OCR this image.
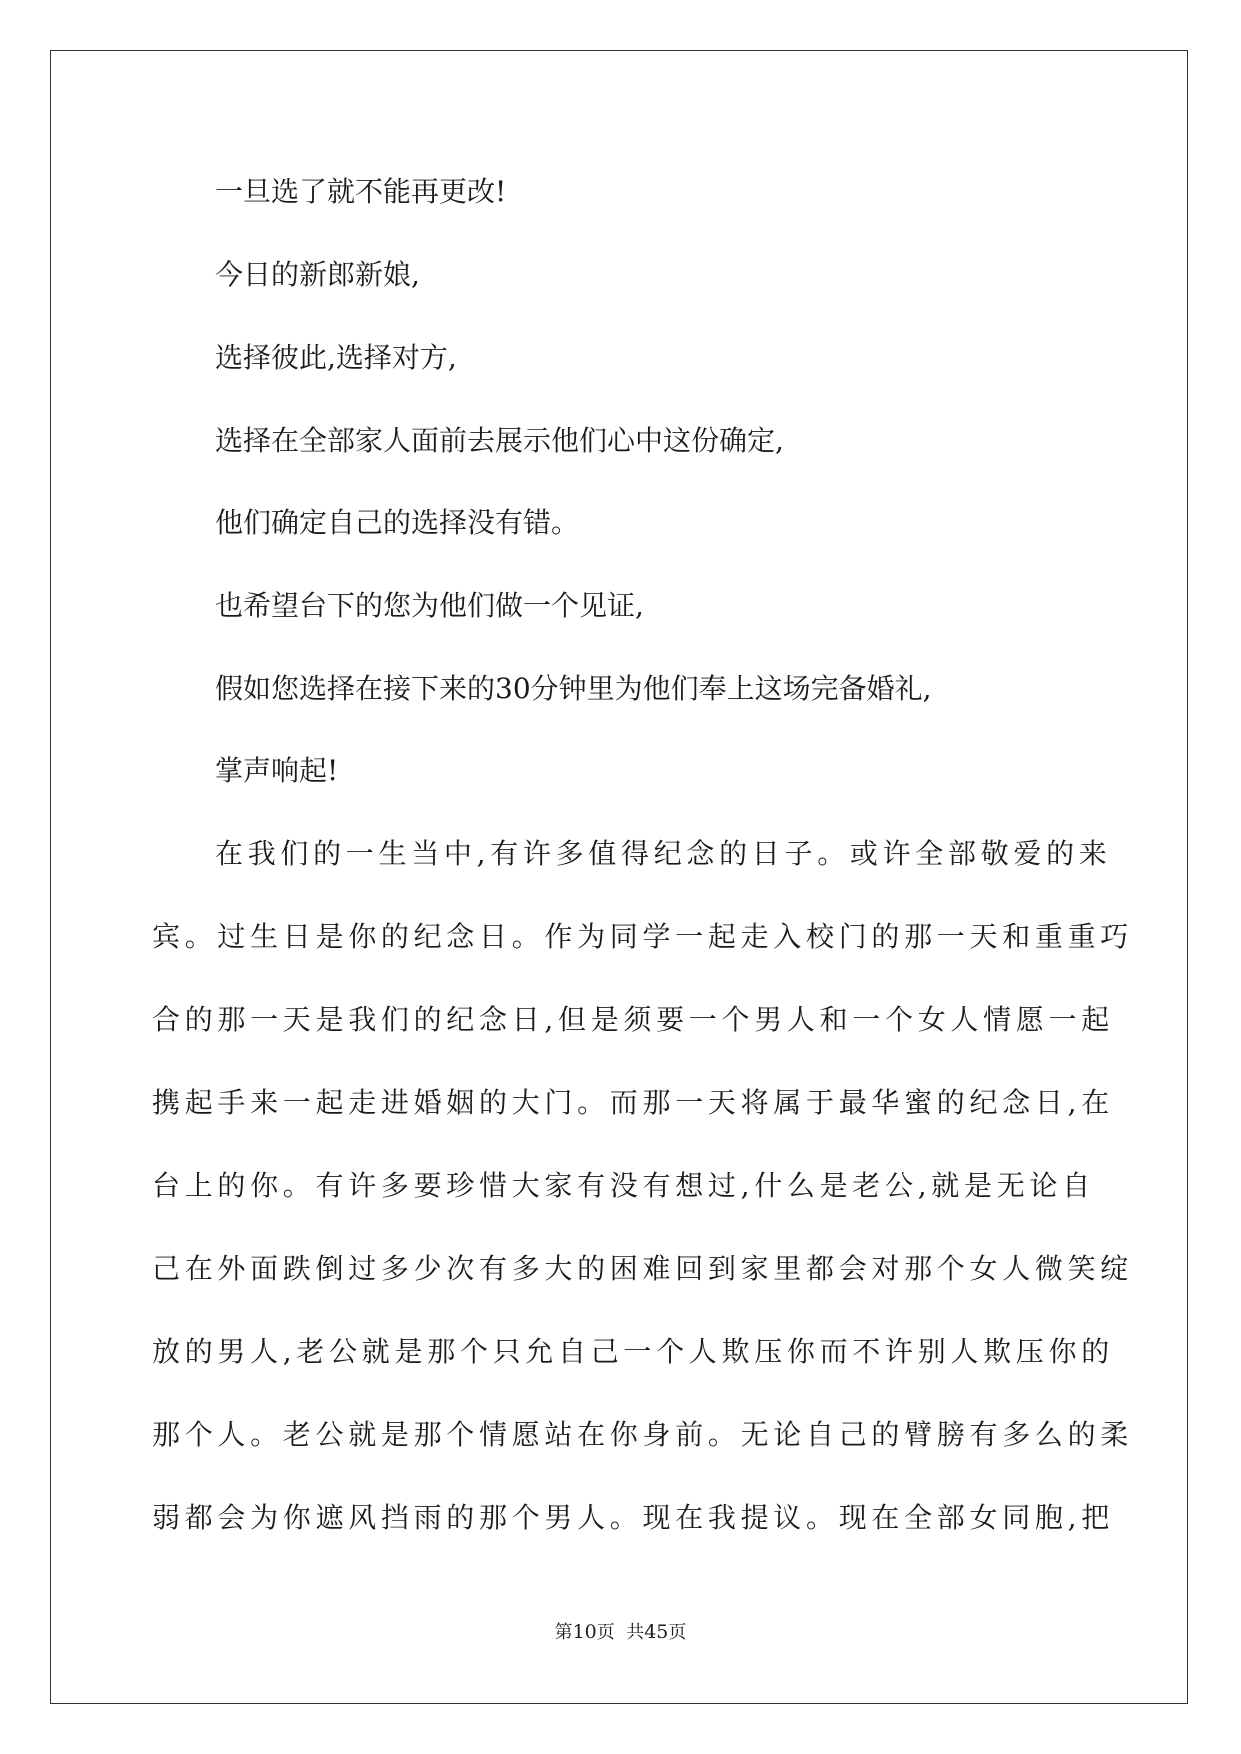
一旦选了就不能再更改!

今日的新郎新娘,

选择彼此,选择对方,

选择在全部家人面前去展示他们心中这份确定,

他们确定自己的选择没有错。

也希望台下的您为他们做一个见证,

假如您选择在接下来的30分钟里为他们奉上这场完备婚礼,

掌声响起!

在我们的一生当中,有许多值得纪念的日子。或许全部敬爱的来

宾。过生日是你的纪念日。作为同学一起走入校门的那一天和重重巧

合的那一天是我们的纪念日,但是须要一个男人和一个女人情愿一起

携起手来一起走进婚姻的大门。而那一天将属于最华蜜的纪念日,在

台上的你。有许多要珍惜大家有没有想过,什么是老公,就是无论自

己在外面跌倒过多少次有多大的困难回到家里都会对那个女人微笑绽

放的男人,老公就是那个只允自己一个人欺压你而不许别人欺压你的

那个人。老公就是那个情愿站在你身前。无论自己的臂膀有多么的柔

弱都会为你遮风挡雨的那个男人。现在我提议。现在全部女同胞,把

第10页  共45页
